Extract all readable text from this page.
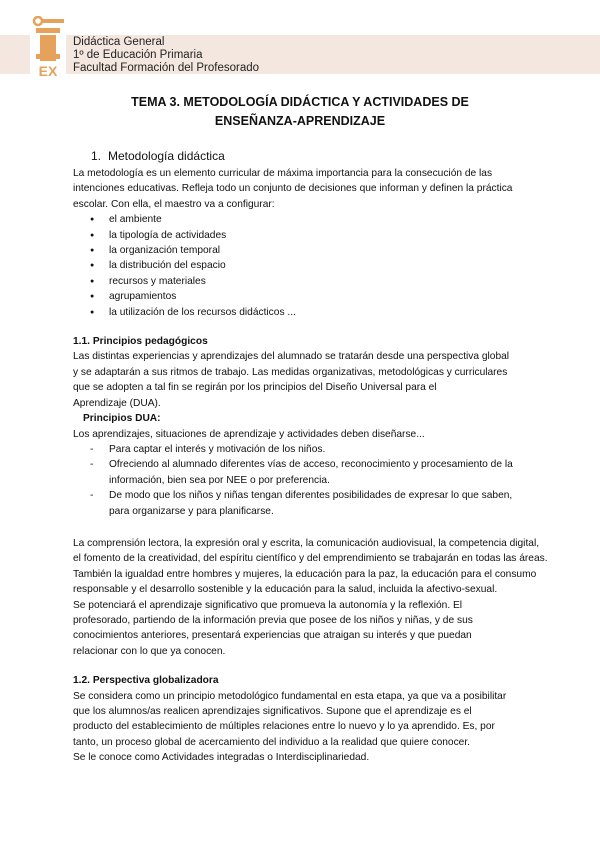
EX
Didáctica General
1º de Educación Primaria
Facultad Formación del Profesorado
TEMA 3. METODOLOGÍA DIDÁCTICA Y ACTIVIDADES DE
ENSEÑANZA-APRENDIZAJE
1. Metodología didáctica

La metodología es un elemento curricular de máxima importancia para la consecución de las
intenciones educativas. Refleja todo un conjunto de decisiones que informan y definen la práctica
escolar. Con ella, el maestro va a configurar:

● el ambiente
● la tipología de actividades
● la organización temporal
● la distribución del espacio
● recursos y materiales
● agrupamientos
● la utilización de los recursos didácticos ...
1.1. Principios pedagógicos

Las distintas experiencias y aprendizajes del alumnado se tratarán desde una perspectiva global
y se adaptarán a sus ritmos de trabajo. Las medidas organizativas, metodológicas y curriculares
que se adopten a tal fin se regirán por los principios del Diseño Universal para el
Aprendizaje (DUA).

Principios DUA:

Los aprendizajes, situaciones de aprendizaje y actividades deben diseñarse...

- Para captar el interés y motivación de los niños.
- Ofreciendo al alumnado diferentes vías de acceso, reconocimiento y procesamiento de la
información, bien sea por NEE o por preferencia.
- De modo que los niños y niñas tengan diferentes posibilidades de expresar lo que saben,
para organizarse y para planificarse.

La comprensión lectora, la expresión oral y escrita, la comunicación audiovisual, la competencia digital,
el fomento de la creatividad, del espíritu científico y del emprendimiento se trabajarán en todas las áreas.
También la igualdad entre hombres y mujeres, la educación para la paz, la educación para el consumo
responsable y el desarrollo sostenible y la educación para la salud, incluida la afectivo-sexual.
Se potenciará el aprendizaje significativo que promueva la autonomía y la reflexión. El
profesorado, partiendo de la información previa que posee de los niños y niñas, y de sus
conocimientos anteriores, presentará experiencias que atraigan su interés y que puedan
relacionar con lo que ya conocen.

1.2. Perspectiva globalizadora

Se considera como un principio metodológico fundamental en esta etapa, ya que va a posibilitar
que los alumnos/as realicen aprendizajes significativos. Supone que el aprendizaje es el
producto del establecimiento de múltiples relaciones entre lo nuevo y lo ya aprendido. Es, por
tanto, un proceso global de acercamiento del individuo a la realidad que quiere conocer.
Se le conoce como Actividades integradas o Interdisciplinariedad.
